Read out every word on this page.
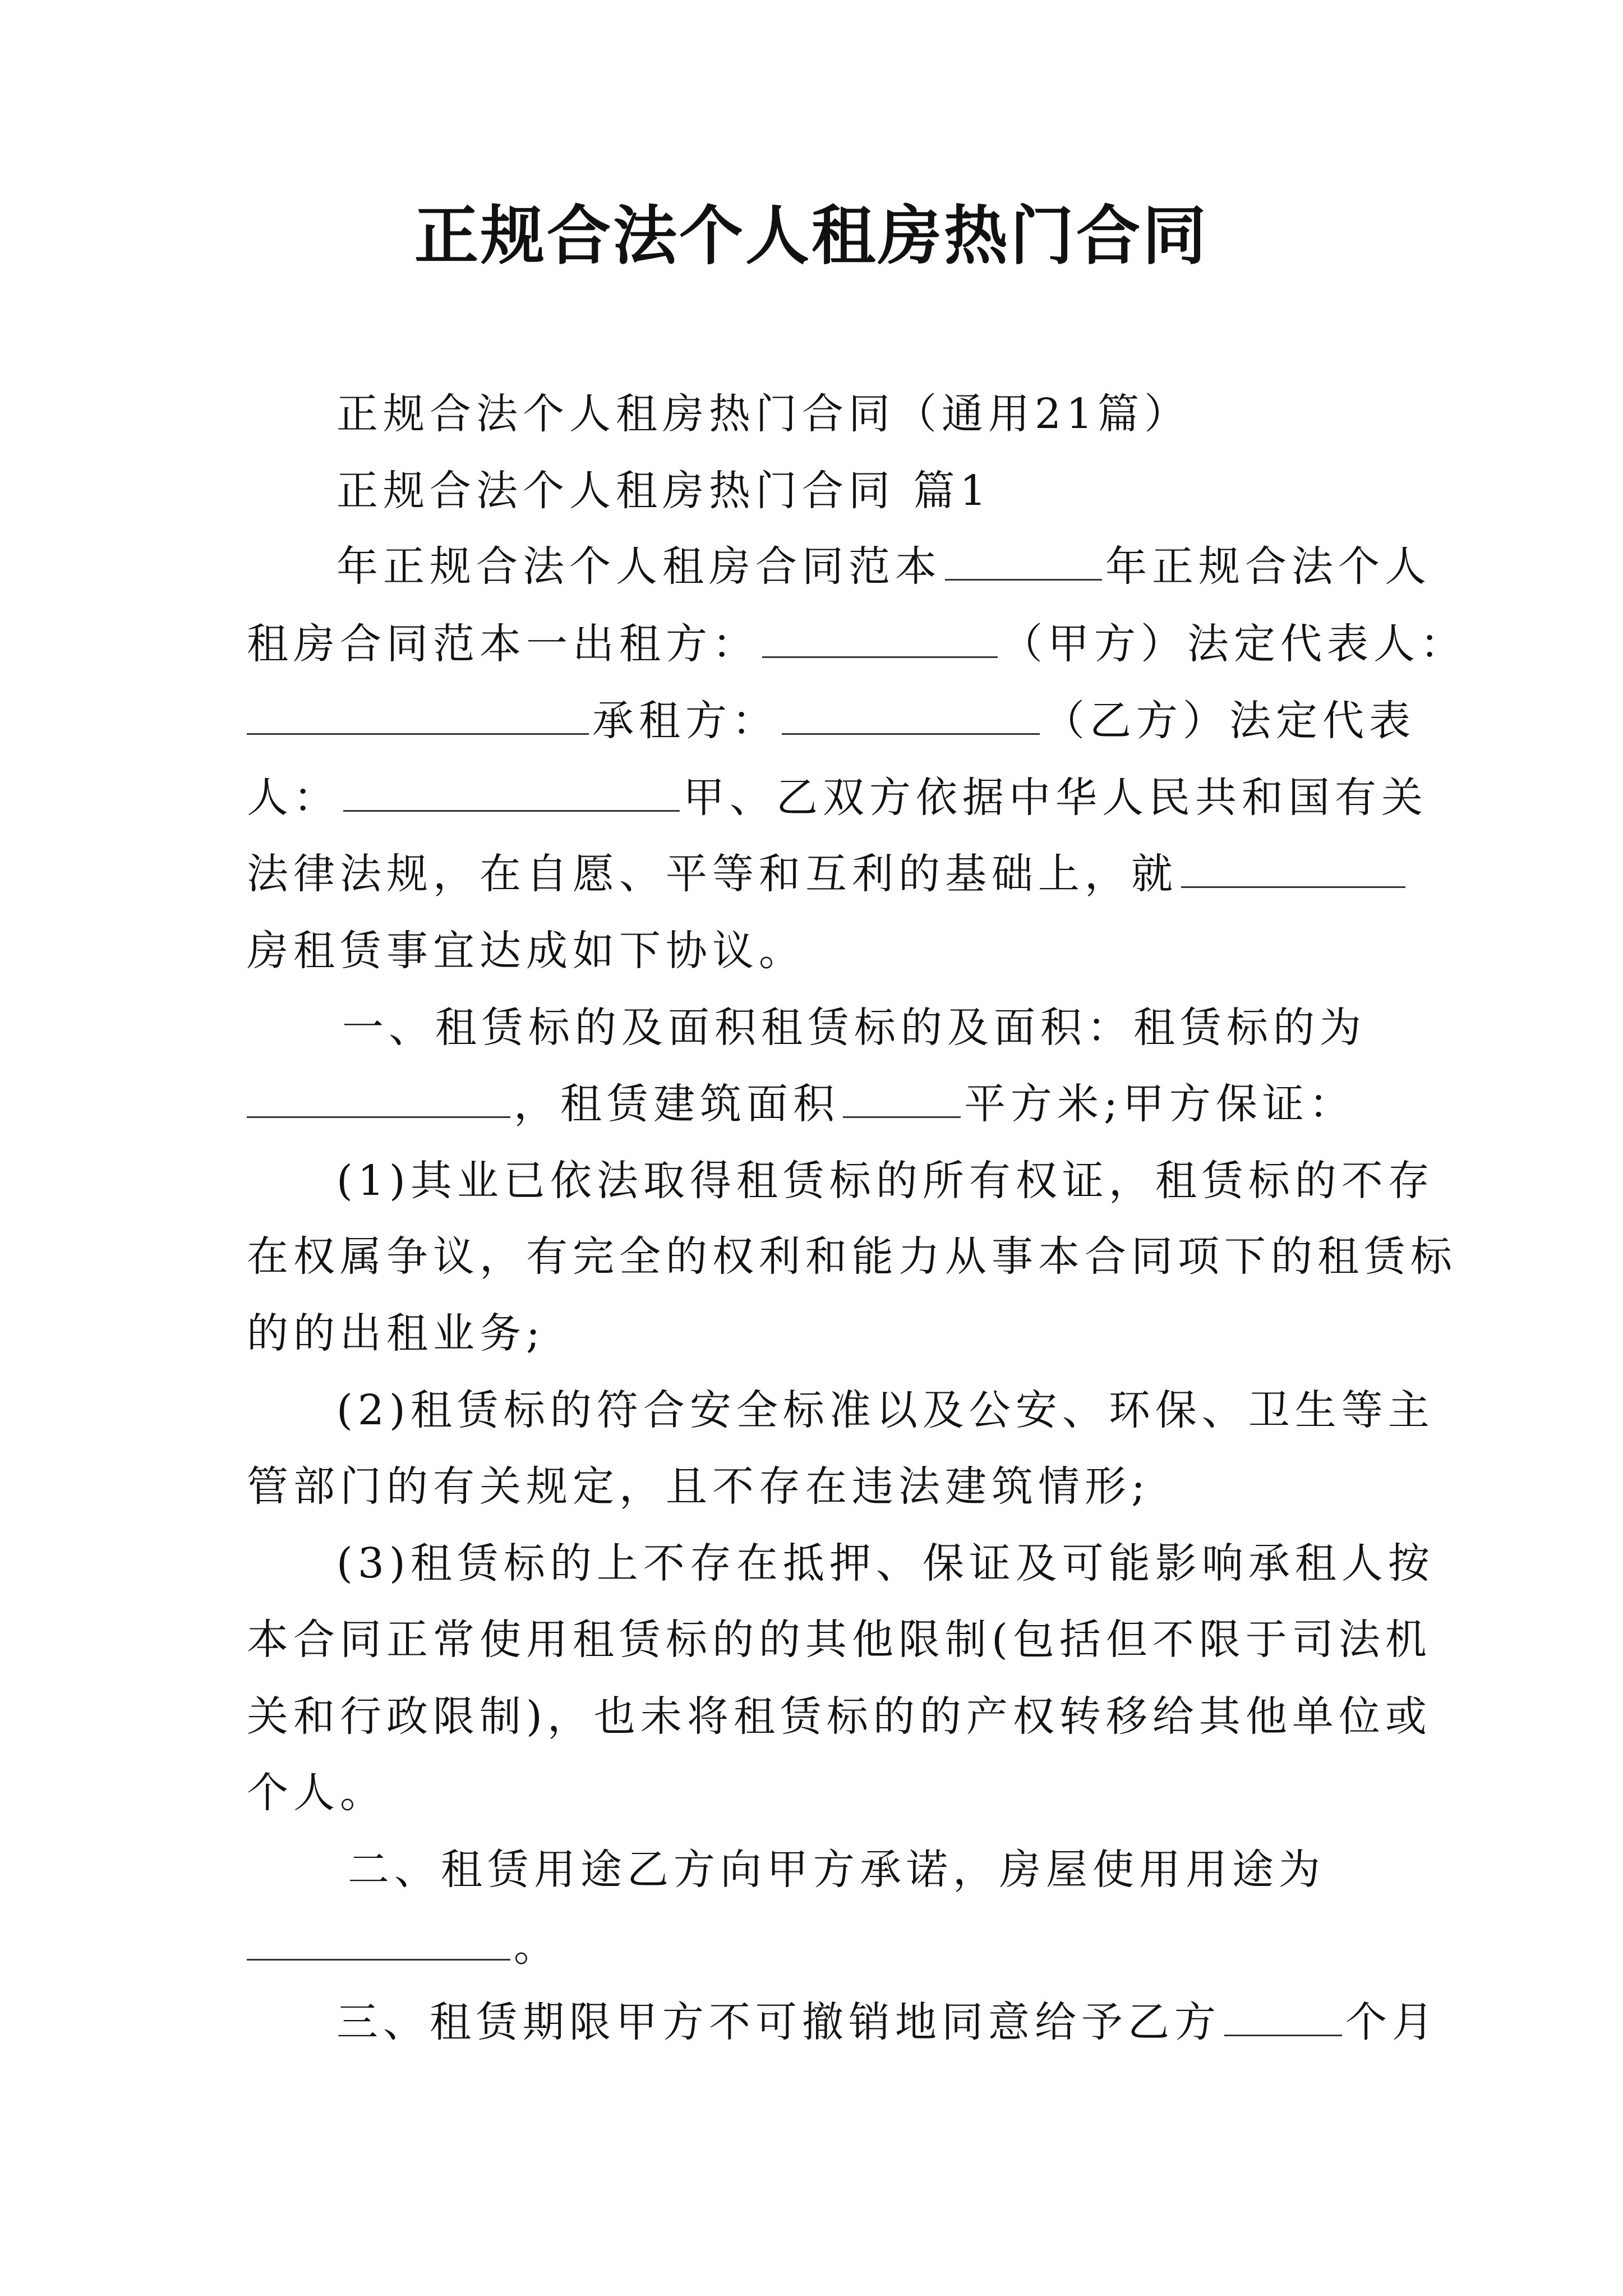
正规合法个人租房热门合同
正规合法个人租房热门合同（通用21篇）
正规合法个人租房热门合同 篇1
年正规合法个人租房合同范本	年正规合法个人
租房合同范本一出租方：	（甲方）法定代表人：
承租方：	（乙方）法定代表
人：	甲、乙双方依据中华人民共和国有关
法律法规，在自愿、平等和互利的基础上，就
房租赁事宜达成如下协议。
一、租赁标的及面积租赁标的及面积：租赁标的为
，租赁建筑面积	平方米;甲方保证：
(1)其业已依法取得租赁标的所有权证，租赁标的不存
在权属争议，有完全的权利和能力从事本合同项下的租赁标
的的出租业务;
(2)租赁标的符合安全标准以及公安、环保、卫生等主
管部门的有关规定，且不存在违法建筑情形;
(3)租赁标的上不存在抵押、保证及可能影响承租人按
本合同正常使用租赁标的的其他限制(包括但不限于司法机
关和行政限制)，也未将租赁标的的产权转移给其他单位或
个人。
二、租赁用途乙方向甲方承诺，房屋使用用途为
。
三、租赁期限甲方不可撤销地同意给予乙方	个月
